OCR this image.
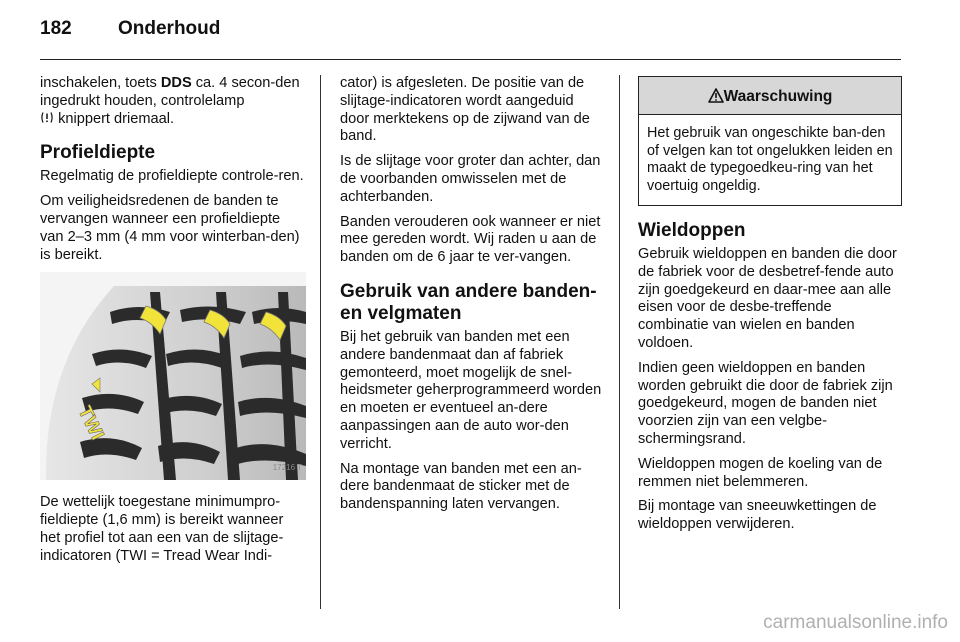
182 Onderhoud

inschakelen, toets DDS ca. 4 secon-den ingedrukt houden, controlelamp
knippert driemaal.

Profieldiepte

Regelmatig de profieldiepte controle-ren.

Om veiligheidsredenen de banden te vervangen wanneer een profieldiepte van 2–3 mm (4 mm voor winterban-den) is bereikt.

TWI
17216 T

De wettelijk toegestane minimumpro-fieldiepte (1,6 mm) is bereikt wanneer het profiel tot aan een van de slijtage-indicatoren (TWI = Tread Wear Indi-

cator) is afgesleten. De positie van de slijtage-indicatoren wordt aangeduid door merktekens op de zijwand van de band.

Is de slijtage voor groter dan achter, dan de voorbanden omwisselen met de achterbanden.

Banden verouderen ook wanneer er niet mee gereden wordt. Wij raden u aan de banden om de 6 jaar te ver-vangen.

Gebruik van andere banden- en velgmaten

Bij het gebruik van banden met een andere bandenmaat dan af fabriek gemonteerd, moet mogelijk de snel-heidsmeter geherprogrammeerd worden en moeten er eventueel an-dere aanpassingen aan de auto wor-den verricht.

Na montage van banden met een an-dere bandenmaat de sticker met de bandenspanning laten vervangen.

Waarschuwing
Het gebruik van ongeschikte ban-den of velgen kan tot ongelukken leiden en maakt de typegoedkeu-ring van het voertuig ongeldig.
Wieldoppen

Gebruik wieldoppen en banden die door de fabriek voor de desbetref-fende auto zijn goedgekeurd en daar-mee aan alle eisen voor de desbe-treffende combinatie van wielen en banden voldoen.

Indien geen wieldoppen en banden worden gebruikt die door de fabriek zijn goedgekeurd, mogen de banden niet voorzien zijn van een velgbe-schermingsrand.

Wieldoppen mogen de koeling van de remmen niet belemmeren.

Bij montage van sneeuwkettingen de wieldoppen verwijderen.

carmanualsonline.info
